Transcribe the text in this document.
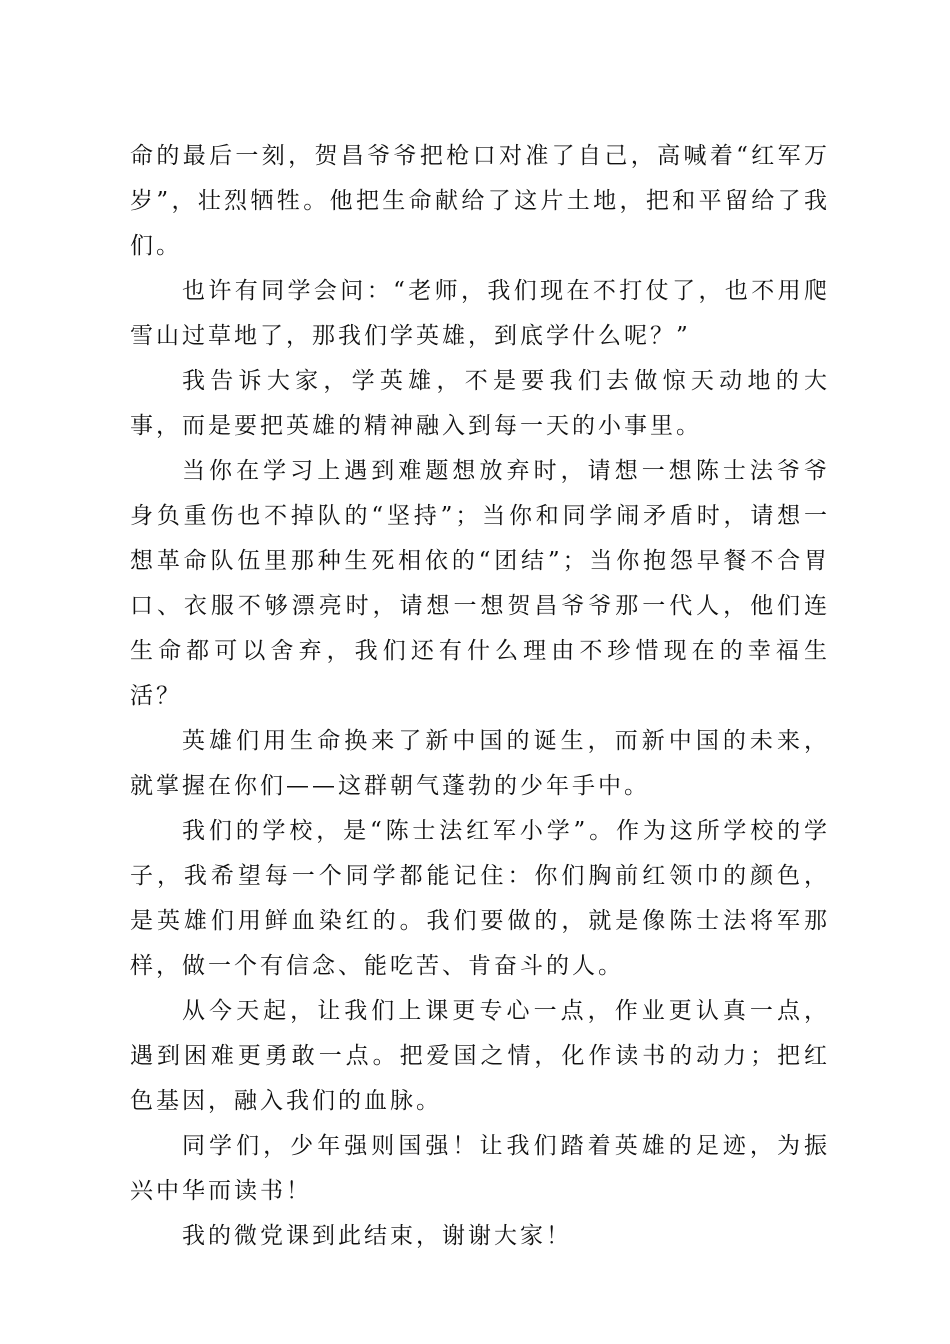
命的最后一刻，贺昌爷爷把枪口对准了自己，高喊着“红军万岁”，壮烈牺牲。他把生命献给了这片土地，把和平留给了我们。

也许有同学会问：“老师，我们现在不打仗了，也不用爬雪山过草地了，那我们学英雄，到底学什么呢？”

我告诉大家，学英雄，不是要我们去做惊天动地的大事，而是要把英雄的精神融入到每一天的小事里。

当你在学习上遇到难题想放弃时，请想一想陈士法爷爷身负重伤也不掉队的“坚持”；当你和同学闹矛盾时，请想一想革命队伍里那种生死相依的“团结”；当你抱怨早餐不合胃口、衣服不够漂亮时，请想一想贺昌爷爷那一代人，他们连生命都可以舍弃，我们还有什么理由不珍惜现在的幸福生活？

英雄们用生命换来了新中国的诞生，而新中国的未来，就掌握在你们——这群朝气蓬勃的少年手中。

我们的学校，是“陈士法红军小学”。作为这所学校的学子，我希望每一个同学都能记住：你们胸前红领巾的颜色，是英雄们用鲜血染红的。我们要做的，就是像陈士法将军那样，做一个有信念、能吃苦、肯奋斗的人。

从今天起，让我们上课更专心一点，作业更认真一点，遇到困难更勇敢一点。把爱国之情，化作读书的动力；把红色基因，融入我们的血脉。

同学们，少年强则国强！让我们踏着英雄的足迹，为振兴中华而读书！

我的微党课到此结束，谢谢大家！
